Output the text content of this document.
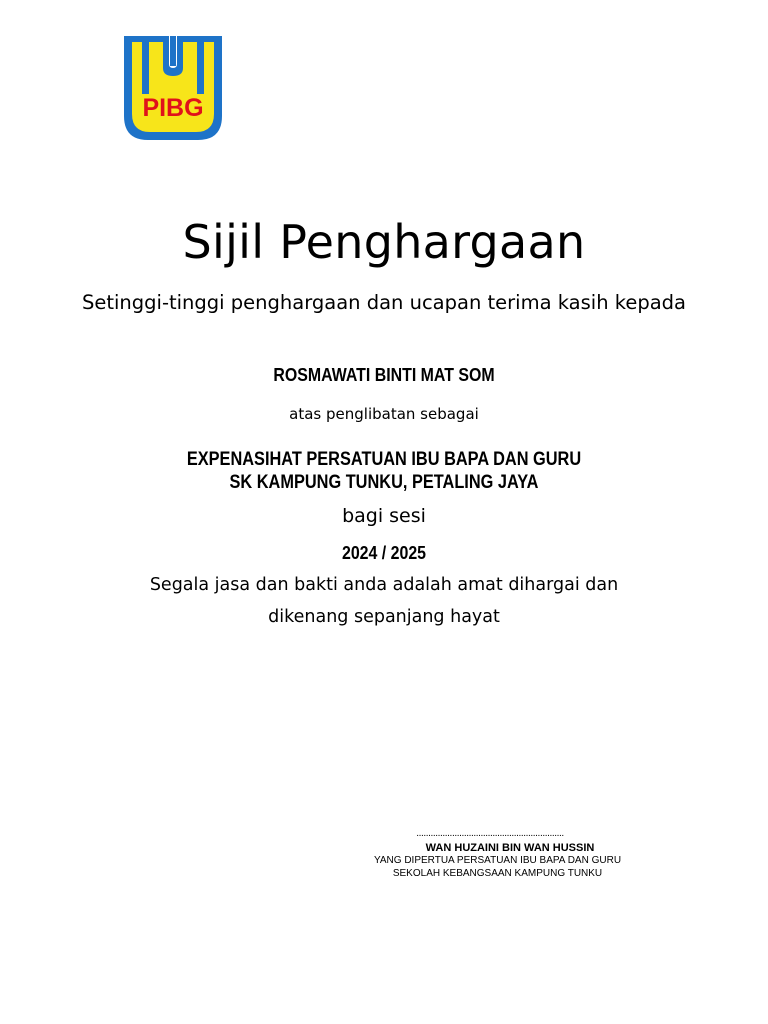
PIBG
Sijil Penghargaan
Setinggi-tinggi penghargaan dan ucapan terima kasih kepada
ROSMAWATI BINTI MAT SOM
atas penglibatan sebagai
EXPENASIHAT PERSATUAN IBU BAPA DAN GURU
SK KAMPUNG TUNKU, PETALING JAYA
bagi sesi
2024 / 2025
Segala jasa dan bakti anda adalah amat dihargai dan
dikenang sepanjang hayat
..............................................................
WAN HUZAINI BIN WAN HUSSIN
YANG DIPERTUA PERSATUAN IBU BAPA DAN GURU
SEKOLAH KEBANGSAAN KAMPUNG TUNKU
